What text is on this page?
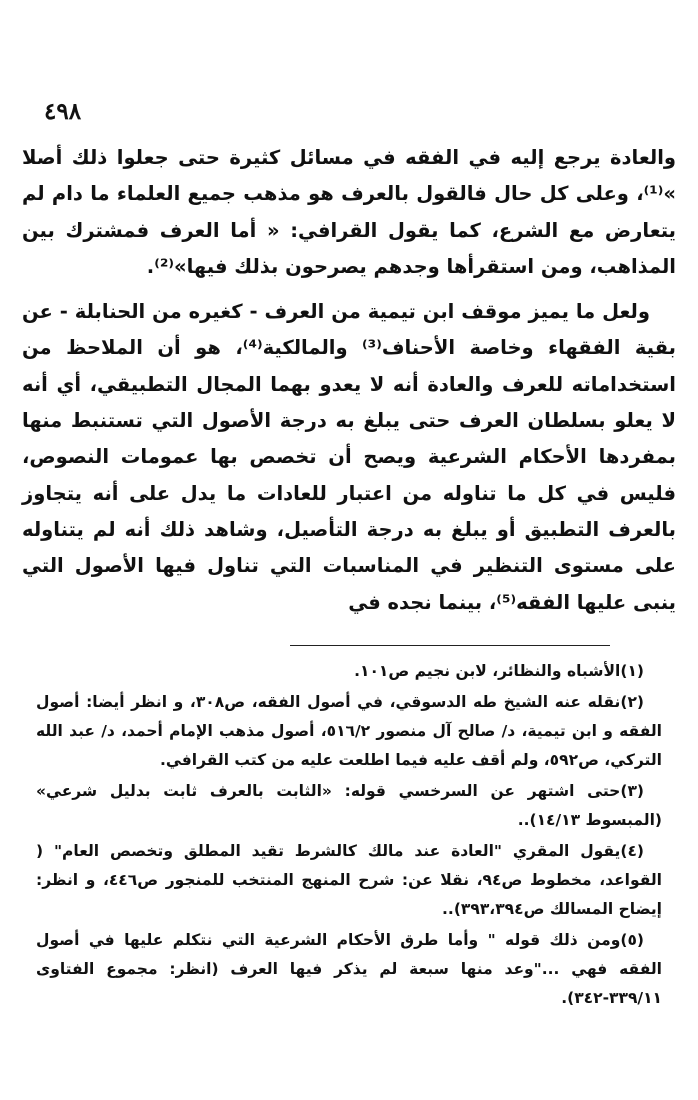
٤٩٨

والعادة يرجع إليه في الفقه في مسائل كثيرة حتى جعلوا ذلك أصلا »⁽¹⁾، وعلى كل حال فالقول بالعرف هو مذهب جميع العلماء ما دام لم يتعارض مع الشرع، كما يقول القرافي: « أما العرف فمشترك بين المذاهب، ومن استقرأها وجدهم يصرحون بذلك فيها»⁽²⁾.

ولعل ما يميز موقف ابن تيمية من العرف - كغيره من الحنابلة - عن بقية الفقهاء وخاصة الأحناف⁽³⁾ والمالكية⁽⁴⁾، هو أن الملاحظ من استخداماته للعرف والعادة أنه لا يعدو بهما المجال التطبيقي، أي أنه لا يعلو بسلطان العرف حتى يبلغ به درجة الأصول التي تستنبط منها بمفردها الأحكام الشرعية ويصح أن تخصص بها عمومات النصوص، فليس في كل ما تناوله من اعتبار للعادات ما يدل على أنه يتجاوز بالعرف التطبيق أو يبلغ به درجة التأصيل، وشاهد ذلك أنه لم يتناوله على مستوى التنظير في المناسبات التي تناول فيها الأصول التي ينبى عليها الفقه⁽⁵⁾، بينما نجده في

(١)الأشباه والنظائر، لابن نجيم ص١٠١.

(٢)نقله عنه الشيخ طه الدسوقي، في أصول الفقه، ص٣٠٨، و انظر أيضا: أصول الفقه و ابن تيمية، د/ صالح آل منصور ٥١٦/٢، أصول مذهب الإمام أحمد، د/ عبد الله التركي، ص٥٩٢، ولم أقف عليه فيما اطلعت عليه من كتب القرافي.

(٣)حتى اشتهر عن السرخسي قوله: «الثابت بالعرف ثابت بدليل شرعي» (المبسوط ١٤/١٣)..

(٤)يقول المقري "العادة عند مالك كالشرط تقيد المطلق وتخصص العام" ( القواعد، مخطوط ص٩٤، نقلا عن: شرح المنهج المنتخب للمنجور ص٤٤٦، و انظر: إيضاح المسالك ص٣٩٣،٣٩٤)..

(٥)ومن ذلك قوله " وأما طرق الأحكام الشرعية التي نتكلم عليها في أصول الفقه فهي ..."وعد منها سبعة لم يذكر فيها العرف (انظر: مجموع الفتاوى ٣٣٩/١١-٣٤٢).
